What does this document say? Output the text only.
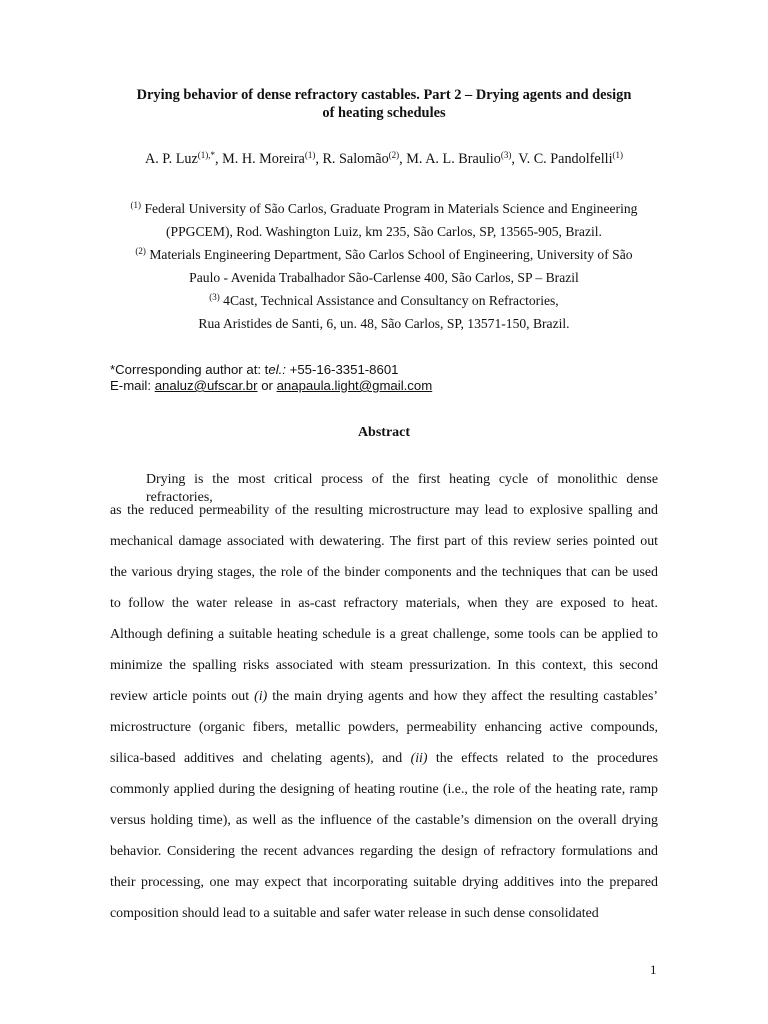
Drying behavior of dense refractory castables. Part 2 – Drying agents and design
of heating schedules
A. P. Luz$^{(1),*}$, M. H. Moreira$^{(1)}$, R. Salomão$^{(2)}$, M. A. L. Braulio$^{(3)}$, V. C. Pandolfelli$^{(1)}$
$^{(1)}$ Federal University of São Carlos, Graduate Program in Materials Science and Engineering
(PPGCEM), Rod. Washington Luiz, km 235, São Carlos, SP, 13565-905, Brazil.
$^{(2)}$ Materials Engineering Department, São Carlos School of Engineering, University of São
Paulo - Avenida Trabalhador São-Carlense 400, São Carlos, SP – Brazil
$^{(3)}$ 4Cast, Technical Assistance and Consultancy on Refractories,
Rua Aristides de Santi, 6, un. 48, São Carlos, SP, 13571-150, Brazil.
*Corresponding author at: tel.: +55-16-3351-8601
E-mail: analuz@ufscar.br or anapaula.light@gmail.com
Abstract
Drying is the most critical process of the first heating cycle of monolithic dense refractories,
as the reduced permeability of the resulting microstructure may lead to explosive spalling and
mechanical damage associated with dewatering. The first part of this review series pointed out
the various drying stages, the role of the binder components and the techniques that can be used
to follow the water release in as-cast refractory materials, when they are exposed to heat.
Although defining a suitable heating schedule is a great challenge, some tools can be applied to
minimize the spalling risks associated with steam pressurization. In this context, this second
review article points out (i) the main drying agents and how they affect the resulting castables’
microstructure (organic fibers, metallic powders, permeability enhancing active compounds,
silica-based additives and chelating agents), and (ii) the effects related to the procedures
commonly applied during the designing of heating routine (i.e., the role of the heating rate, ramp
versus holding time), as well as the influence of the castable’s dimension on the overall drying
behavior. Considering the recent advances regarding the design of refractory formulations and
their processing, one may expect that incorporating suitable drying additives into the prepared
composition should lead to a suitable and safer water release in such dense consolidated
1
